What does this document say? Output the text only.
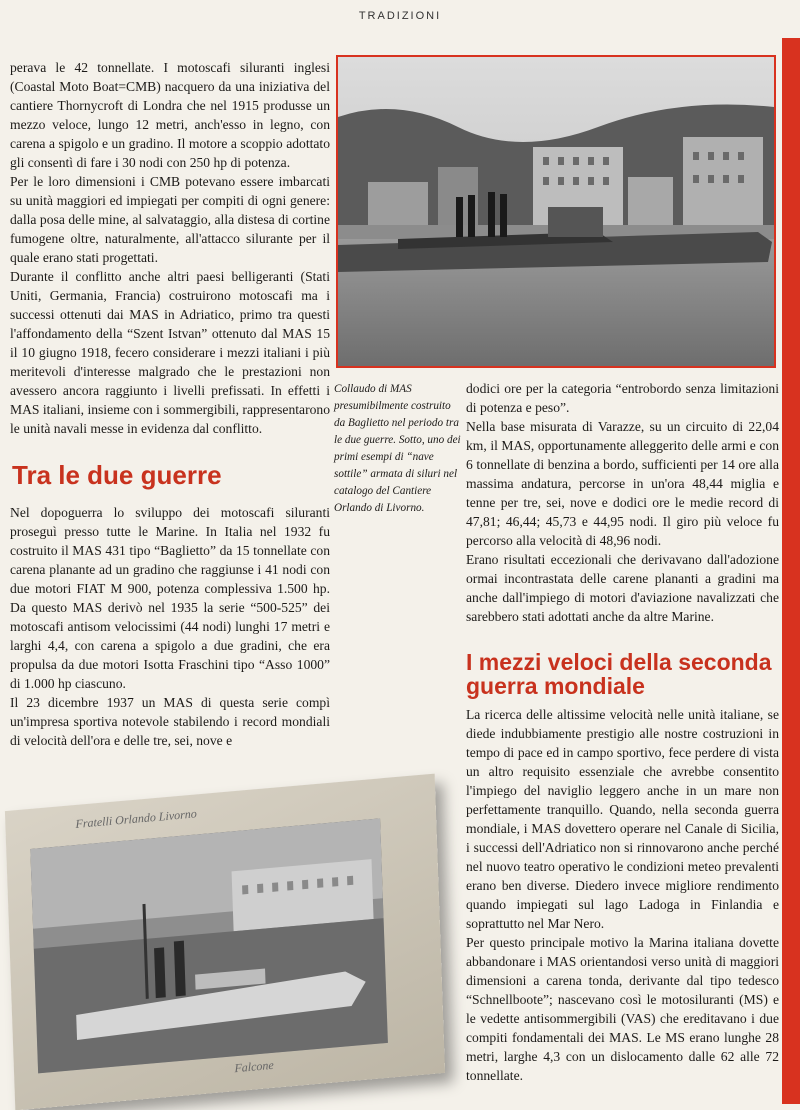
TRADIZIONI

perava le 42 tonnellate. I motoscafi siluranti inglesi (Coastal Moto Boat=CMB) nacquero da una iniziativa del cantiere Thornycroft di Londra che nel 1915 produsse un mezzo veloce, lungo 12 metri, anch'esso in legno, con carena a spigolo e un gradino. Il motore a scoppio adottato gli consentì di fare i 30 nodi con 250 hp di potenza.

Per le loro dimensioni i CMB potevano essere imbarcati su unità maggiori ed impiegati per compiti di ogni genere: dalla posa delle mine, al salvataggio, alla distesa di cortine fumogene oltre, naturalmente, all'attacco silurante per il quale erano stati progettati.

Durante il conflitto anche altri paesi belligeranti (Stati Uniti, Germania, Francia) costruirono motoscafi ma i successi ottenuti dai MAS in Adriatico, primo tra questi l'affondamento della “Szent Istvan” ottenuto dal MAS 15 il 10 giugno 1918, fecero considerare i mezzi italiani i più meritevoli d'interesse malgrado che le prestazioni non avessero ancora raggiunto i livelli prefissati. In effetti i MAS italiani, insieme con i sommergibili, rappresentarono le unità navali messe in evidenza dal conflitto.

Tra le due guerre

Nel dopoguerra lo sviluppo dei motoscafi siluranti proseguì presso tutte le Marine. In Italia nel 1932 fu costruito il MAS 431 tipo “Baglietto” da 15 tonnellate con carena planante ad un gradino che raggiunse i 41 nodi con due motori FIAT M 900, potenza complessiva 1.500 hp. Da questo MAS derivò nel 1935 la serie “500-525” dei motoscafi antisom velocissimi (44 nodi) lunghi 17 metri e larghi 4,4, con carena a spigolo a due gradini, che era propulsa da due motori Isotta Fraschini tipo “Asso 1000” di 1.000 hp ciascuno.

Il 23 dicembre 1937 un MAS di questa serie compì un'impresa sportiva notevole stabilendo i record mondiali di velocità dell'ora e delle tre, sei, nove e

Collaudo di MAS presumibilmente costruito da Baglietto nel periodo tra le due guerre. Sotto, uno dei primi esempi di “nave sottile” armata di siluri nel catalogo del Cantiere Orlando di Livorno.

dodici ore per la categoria “entrobordo senza limitazioni di potenza e peso”.

Nella base misurata di Varazze, su un circuito di 22,04 km, il MAS, opportunamente alleggerito delle armi e con 6 tonnellate di benzina a bordo, sufficienti per 14 ore alla massima andatura, percorse in un'ora 48,44 miglia e tenne per tre, sei, nove e dodici ore le medie record di 47,81; 46,44; 45,73 e 44,95 nodi. Il giro più veloce fu percorso alla velocità di 48,96 nodi.

Erano risultati eccezionali che derivavano dall'adozione ormai incontrastata delle carene plananti a gradini ma anche dall'impiego di motori d'aviazione navalizzati che sarebbero stati adottati anche da altre Marine.

I mezzi veloci della seconda guerra mondiale

La ricerca delle altissime velocità nelle unità italiane, se diede indubbiamente prestigio alle nostre costruzioni in tempo di pace ed in campo sportivo, fece perdere di vista un altro requisito essenziale che avrebbe consentito l'impiego del naviglio leggero anche in un mare non perfettamente tranquillo. Quando, nella seconda guerra mondiale, i MAS dovettero operare nel Canale di Sicilia, i successi dell'Adriatico non si rinnovarono anche perché nel nuovo teatro operativo le condizioni meteo prevalenti erano ben diverse. Diedero invece migliore rendimento quando impiegati sul lago Ladoga in Finlandia e soprattutto nel Mar Nero.

Per questo principale motivo la Marina italiana dovette abbandonare i MAS orientandosi verso unità di maggiori dimensioni a carena tonda, derivante dal tipo tedesco “Schnellboote”; nascevano così le motosiluranti (MS) e le vedette antisommergibili (VAS) che ereditavano i due compiti fondamentali dei MAS. Le MS erano lunghe 28 metri, larghe 4,3 con un dislocamento dalle 62 alle 72 tonnellate.

Fratelli Orlando Livorno
Falcone
